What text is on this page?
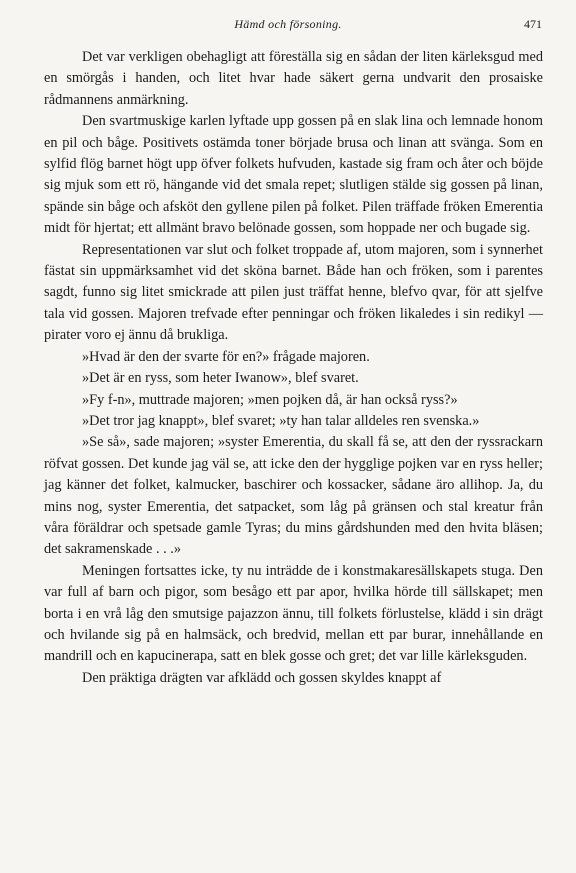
Hämd och försoning.	471

Det var verkligen obehagligt att föreställa sig en sådan der liten kärleksgud med en smörgås i handen, och litet hvar hade säkert gerna undvarit den prosaiske rådmannens anmärkning.

Den svartmuskige karlen lyftade upp gossen på en slak lina och lemnade honom en pil och båge. Positivets ostämda toner började brusa och linan att svänga. Som en sylfid flög barnet högt upp öfver folkets hufvuden, kastade sig fram och åter och böjde sig mjuk som ett rö, hängande vid det smala repet; slutligen stälde sig gossen på linan, spände sin båge och afsköt den gyllene pilen på folket. Pilen träffade fröken Emerentia midt för hjertat; ett allmänt bravo belönade gossen, som hoppade ner och bugade sig.

Representationen var slut och folket troppade af, utom majoren, som i synnerhet fästat sin uppmärksamhet vid det sköna barnet. Både han och fröken, som i parentes sagdt, funno sig litet smickrade att pilen just träffat henne, blefvo qvar, för att sjelfve tala vid gossen. Majoren trefvade efter penningar och fröken likaledes i sin redikyl — pirater voro ej ännu då brukliga.

»Hvad är den der svarte för en?» frågade majoren.

»Det är en ryss, som heter Iwanow», blef svaret.

»Fy f-n», muttrade majoren; »men pojken då, är han också ryss?»

»Det tror jag knappt», blef svaret; »ty han talar alldeles ren svenska.»

»Se så», sade majoren; »syster Emerentia, du skall få se, att den der ryssrackarn röfvat gossen. Det kunde jag väl se, att icke den der hygglige pojken var en ryss heller; jag känner det folket, kalmucker, baschirer och kossacker, sådane äro allihop. Ja, du mins nog, syster Emerentia, det satpacket, som låg på gränsen och stal kreatur från våra föräldrar och spetsade gamle Tyras; du mins gårdshunden med den hvita bläsen; det sakramenskade . . .»

Meningen fortsattes icke, ty nu inträdde de i konstmakaresällskapets stuga. Den var full af barn och pigor, som besågo ett par apor, hvilka hörde till sällskapet; men borta i en vrå låg den smutsige pajazzon ännu, till folkets förlustelse, klädd i sin drägt och hvilande sig på en halmsäck, och bredvid, mellan ett par burar, innehållande en mandrill och en kapucinerapa, satt en blek gosse och gret; det var lille kärleksguden.

Den präktiga drägten var afklädd och gossen skyldes knappt af
